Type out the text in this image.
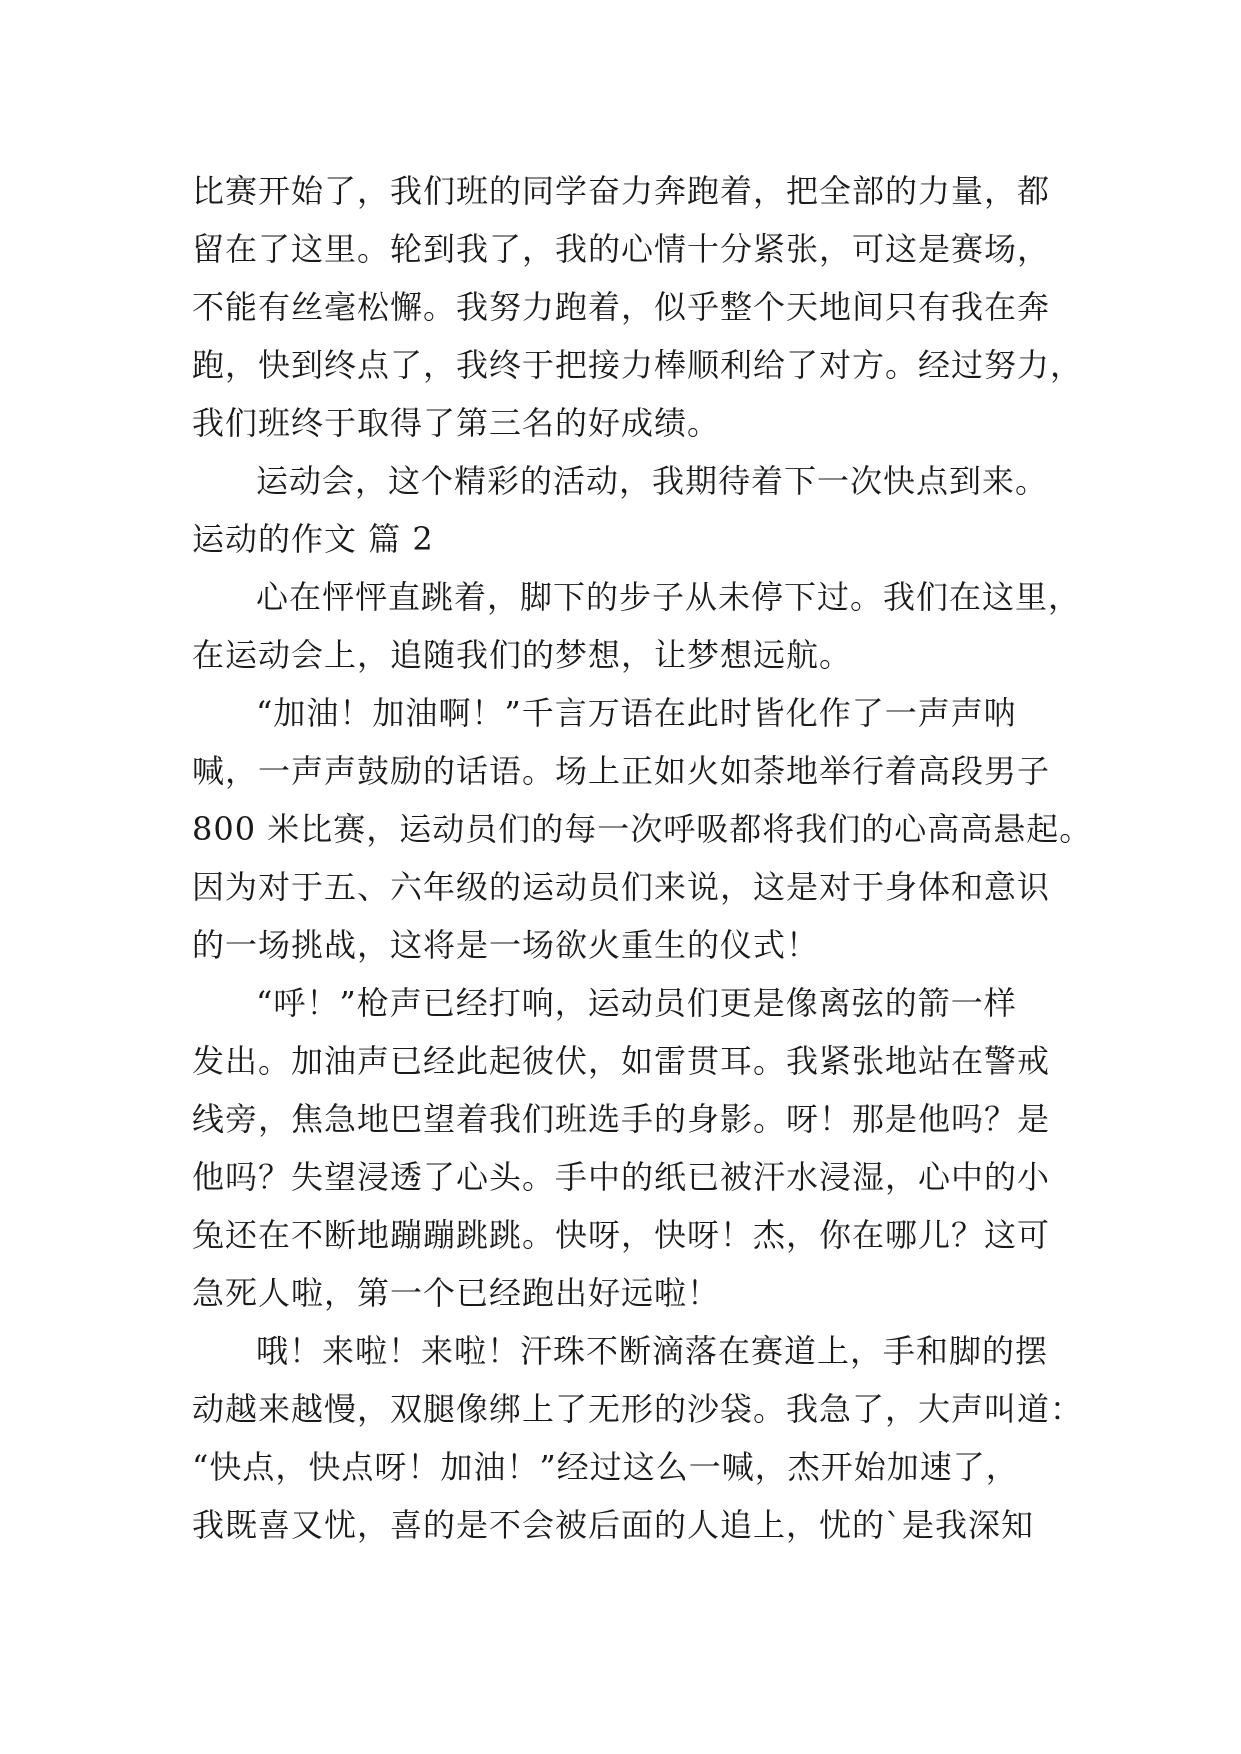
比赛开始了，我们班的同学奋力奔跑着，把全部的力量，都
留在了这里。轮到我了，我的心情十分紧张，可这是赛场，
不能有丝毫松懈。我努力跑着，似乎整个天地间只有我在奔
跑，快到终点了，我终于把接力棒顺利给了对方。经过努力，
我们班终于取得了第三名的好成绩。
运动会，这个精彩的活动，我期待着下一次快点到来。
运动的作文 篇 2
心在怦怦直跳着，脚下的步子从未停下过。我们在这里，
在运动会上，追随我们的梦想，让梦想远航。
“加油！加油啊！”千言万语在此时皆化作了一声声呐
喊，一声声鼓励的话语。场上正如火如荼地举行着高段男子
800 米比赛，运动员们的每一次呼吸都将我们的心高高悬起。
因为对于五、六年级的运动员们来说，这是对于身体和意识
的一场挑战，这将是一场欲火重生的仪式！
“呼！”枪声已经打响，运动员们更是像离弦的箭一样
发出。加油声已经此起彼伏，如雷贯耳。我紧张地站在警戒
线旁，焦急地巴望着我们班选手的身影。呀！那是他吗？是
他吗？失望浸透了心头。手中的纸已被汗水浸湿，心中的小
兔还在不断地蹦蹦跳跳。快呀，快呀！杰，你在哪儿？这可
急死人啦，第一个已经跑出好远啦！
哦！来啦！来啦！汗珠不断滴落在赛道上，手和脚的摆
动越来越慢，双腿像绑上了无形的沙袋。我急了，大声叫道：
“快点，快点呀！加油！”经过这么一喊，杰开始加速了，
我既喜又忧，喜的是不会被后面的人追上，忧的`是我深知
